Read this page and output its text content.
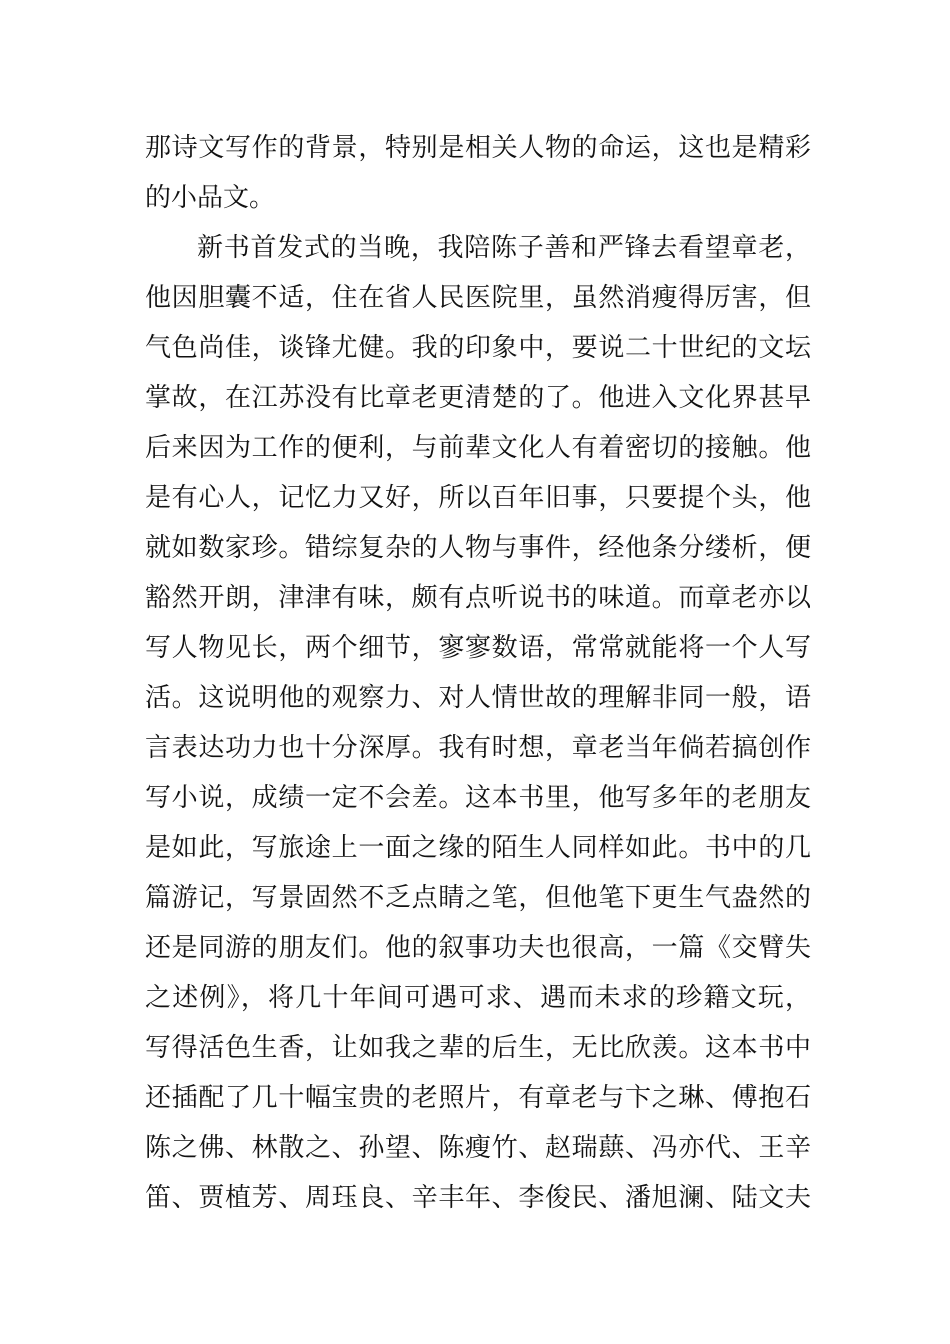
那诗文写作的背景，特别是相关人物的命运，这也是精彩
的小品文。
新书首发式的当晚，我陪陈子善和严锋去看望章老，
他因胆囊不适，住在省人民医院里，虽然消瘦得厉害，但
气色尚佳，谈锋尤健。我的印象中，要说二十世纪的文坛
掌故，在江苏没有比章老更清楚的了。他进入文化界甚早
后来因为工作的便利，与前辈文化人有着密切的接触。他
是有心人，记忆力又好，所以百年旧事，只要提个头，他
就如数家珍。错综复杂的人物与事件，经他条分缕析，便
豁然开朗，津津有味，颇有点听说书的味道。而章老亦以
写人物见长，两个细节，寥寥数语，常常就能将一个人写
活。这说明他的观察力、对人情世故的理解非同一般，语
言表达功力也十分深厚。我有时想，章老当年倘若搞创作
写小说，成绩一定不会差。这本书里，他写多年的老朋友
是如此，写旅途上一面之缘的陌生人同样如此。书中的几
篇游记，写景固然不乏点睛之笔，但他笔下更生气盎然的
还是同游的朋友们。他的叙事功夫也很高，一篇《交臂失
之述例》，将几十年间可遇可求、遇而未求的珍籍文玩，
写得活色生香，让如我之辈的后生，无比欣羡。这本书中
还插配了几十幅宝贵的老照片，有章老与卞之琳、傅抱石
陈之佛、林散之、孙望、陈瘦竹、赵瑞蕻、冯亦代、王辛
笛、贾植芳、周珏良、辛丰年、李俊民、潘旭澜、陆文夫
